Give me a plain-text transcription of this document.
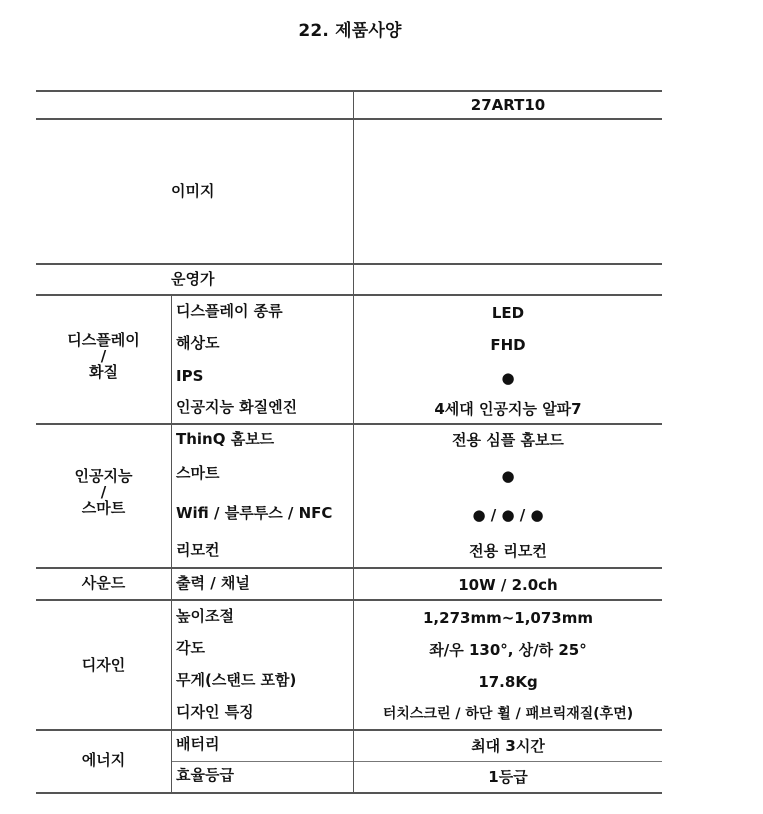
22. 제품사양
27ART10
이미지
운영가
디스플레이
/
화질
인공지능
/
스마트
사운드
디자인
에너지
디스플레이 종류
해상도
IPS
인공지능 화질엔진
ThinQ 홈보드
스마트
Wifi / 블루투스 / NFC
리모컨
출력 / 채널
높이조절
각도
무게(스탠드 포함)
디자인 특징
배터리
효율등급
LED
FHD
●
4세대 인공지능 알파7
전용 심플 홈보드
●
● / ● / ●
전용 리모컨
10W / 2.0ch
1,273mm~1,073mm
좌/우 130°, 상/하 25°
17.8Kg
터치스크린 / 하단 휠 / 패브릭재질(후면)
최대 3시간
1등급
